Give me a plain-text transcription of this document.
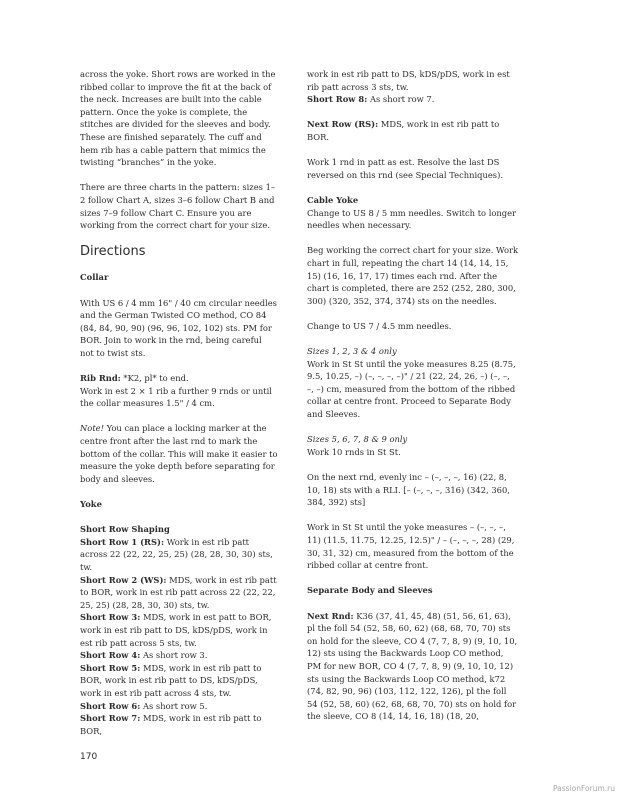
across the yoke. Short rows are worked in the ribbed collar to improve the fit at the back of the neck. Increases are built into the cable pattern. Once the yoke is complete, the stitches are divided for the sleeves and body. These are finished separately. The cuff and hem rib has a cable pattern that mimics the twisting “branches” in the yoke.

There are three charts in the pattern: sizes 1–2 follow Chart A, sizes 3–6 follow Chart B and sizes 7–9 follow Chart C. Ensure you are working from the correct chart for your size.

Directions
Collar

With US 6 / 4 mm 16" / 40 cm circular needles and the German Twisted CO method, CO 84 (84, 84, 90, 90) (96, 96, 102, 102) sts. PM for BOR. Join to work in the rnd, being careful not to twist sts.

Rib Rnd: *K2, pl* to end.
Work in est 2 × 1 rib a further 9 rnds or until the collar measures 1.5" / 4 cm.

Note! You can place a locking marker at the centre front after the last rnd to mark the bottom of the collar. This will make it easier to measure the yoke depth before separating for body and sleeves.

Yoke
Short Row Shaping
Short Row 1 (RS): Work in est rib patt across 22 (22, 22, 25, 25) (28, 28, 30, 30) sts, tw.
Short Row 2 (WS): MDS, work in est rib patt to BOR, work in est rib patt across 22 (22, 22, 25, 25) (28, 28, 30, 30) sts, tw.
Short Row 3: MDS, work in est patt to BOR, work in est rib patt to DS, kDS/pDS, work in est rib patt across 5 sts, tw.
Short Row 4: As short row 3.
Short Row 5: MDS, work in est rib patt to BOR, work in est rib patt to DS, kDS/pDS, work in est rib patt across 4 sts, tw.
Short Row 6: As short row 5.
Short Row 7: MDS, work in est rib patt to BOR,

work in est rib patt to DS, kDS/pDS, work in est rib patt across 3 sts, tw.
Short Row 8: As short row 7.

Next Row (RS): MDS, work in est rib patt to BOR.

Work 1 rnd in patt as est. Resolve the last DS reversed on this rnd (see Special Techniques).

Cable Yoke
Change to US 8 / 5 mm needles. Switch to longer needles when necessary.

Beg working the correct chart for your size. Work chart in full, repeating the chart 14 (14, 14, 15, 15) (16, 16, 17, 17) times each rnd. After the chart is completed, there are 252 (252, 280, 300, 300) (320, 352, 374, 374) sts on the needles.

Change to US 7 / 4.5 mm needles.

Sizes 1, 2, 3 & 4 only
Work in St St until the yoke measures 8.25 (8.75, 9.5, 10.25, –) (–, –, –, –)" / 21 (22, 24, 26, –) (–, –, –, –) cm, measured from the bottom of the ribbed collar at centre front. Proceed to Separate Body and Sleeves.

Sizes 5, 6, 7, 8 & 9 only
Work 10 rnds in St St.

On the next rnd, evenly inc – (–, –, –, 16) (22, 8, 10, 18) sts with a RLI. [– (–, –, –, 316) (342, 360, 384, 392) sts]

Work in St St until the yoke measures – (–, –, –, 11) (11.5, 11.75, 12.25, 12.5)" / – (–, –, –, 28) (29, 30, 31, 32) cm, measured from the bottom of the ribbed collar at centre front.

Separate Body and Sleeves

Next Rnd: K36 (37, 41, 45, 48) (51, 56, 61, 63), pl the foll 54 (52, 58, 60, 62) (68, 68, 70, 70) sts on hold for the sleeve, CO 4 (7, 7, 8, 9) (9, 10, 10, 12) sts using the Backwards Loop CO method, PM for new BOR, CO 4 (7, 7, 8, 9) (9, 10, 10, 12) sts using the Backwards Loop CO method, k72 (74, 82, 90, 96) (103, 112, 122, 126), pl the foll 54 (52, 58, 60) (62, 68, 68, 70, 70) sts on hold for the sleeve, CO 8 (14, 14, 16, 18) (18, 20,

170
PassionForum.ru
